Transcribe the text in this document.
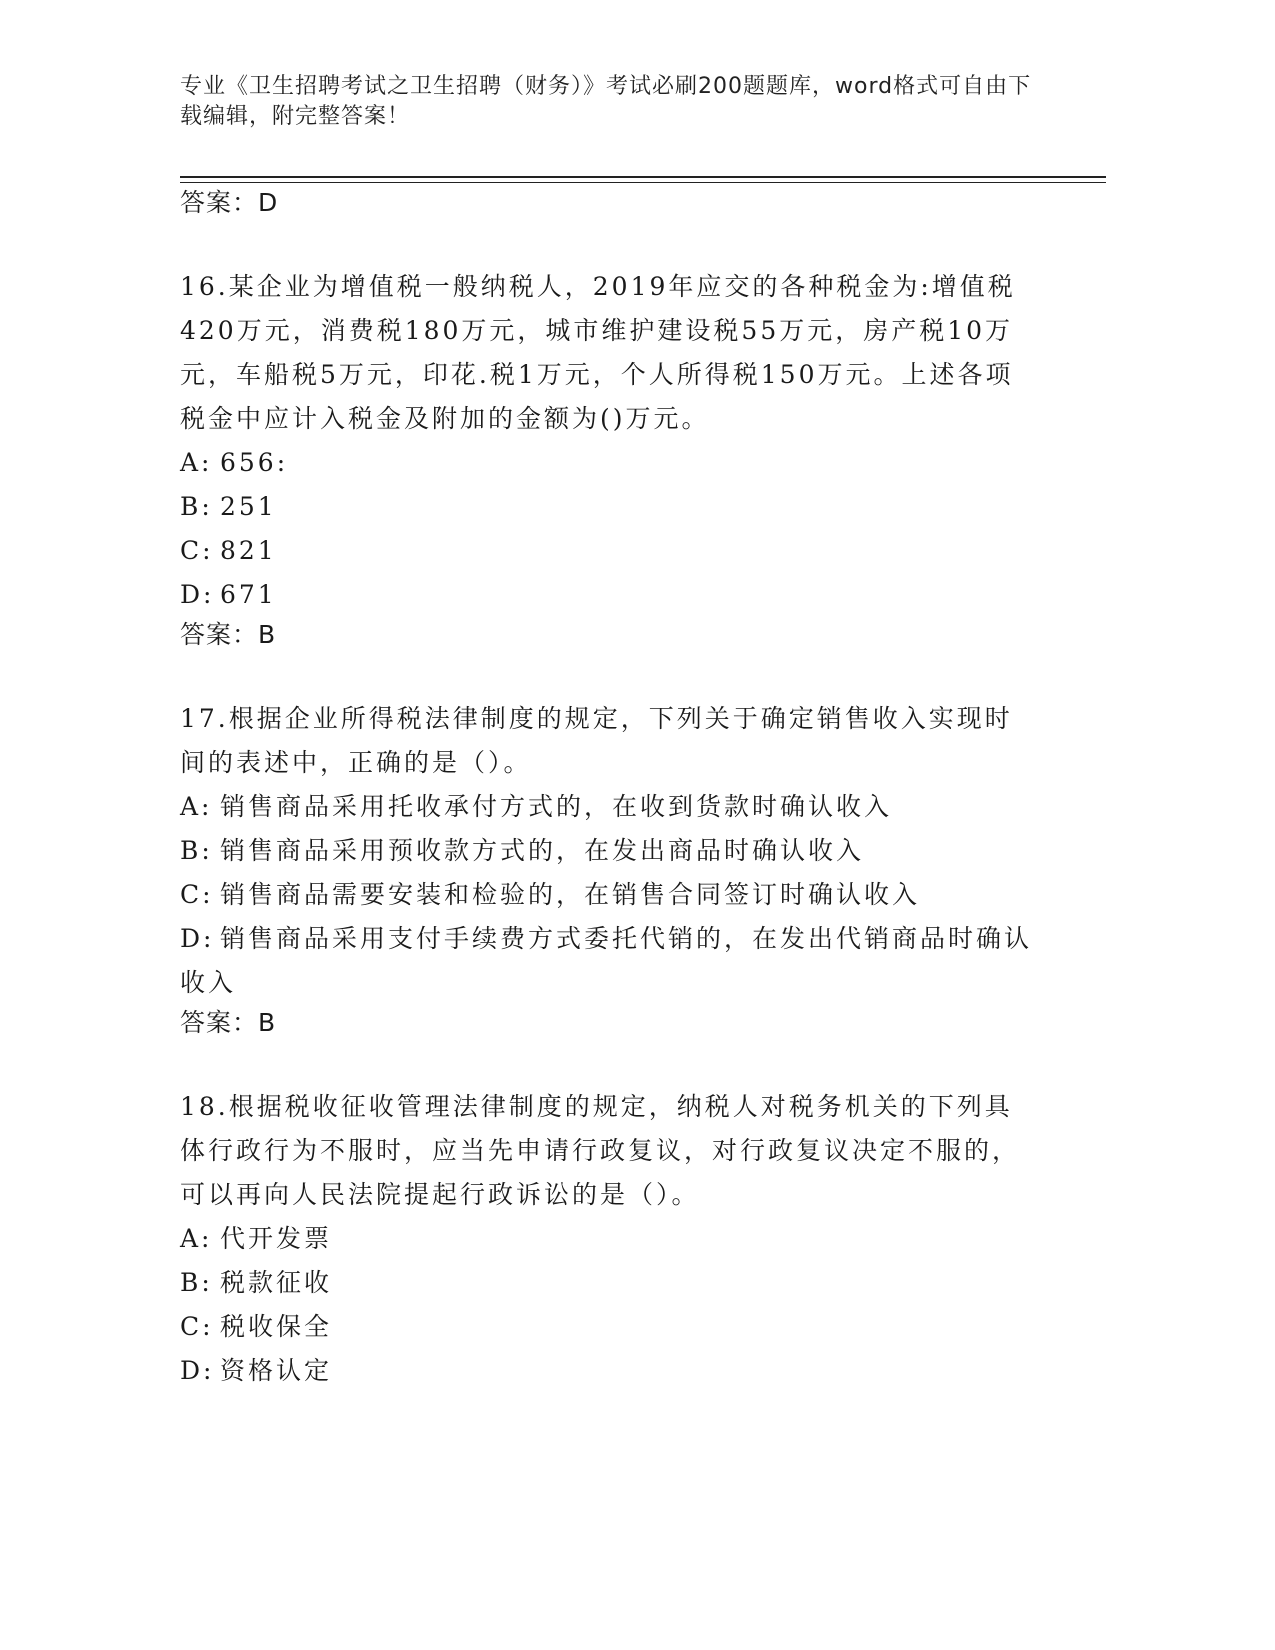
专业《卫生招聘考试之卫生招聘（财务）》考试必刷200题题库，word格式可自由下载编辑，附完整答案！
答案：D

16.某企业为增值税一般纳税人，2019年应交的各种税金为:增值税420万元，消费税180万元，城市维护建设税55万元，房产税10万元，车船税5万元，印花.税1万元，个人所得税150万元。上述各项税金中应计入税金及附加的金额为()万元。

A: 656:
B: 251
C: 821
D: 671
答案：B

17.根据企业所得税法律制度的规定，下列关于确定销售收入实现时间的表述中，正确的是（）。

A: 销售商品采用托收承付方式的，在收到货款时确认收入
B: 销售商品采用预收款方式的，在发出商品时确认收入
C: 销售商品需要安装和检验的，在销售合同签订时确认收入
D: 销售商品采用支付手续费方式委托代销的，在发出代销商品时确认收入
答案：B

18.根据税收征收管理法律制度的规定，纳税人对税务机关的下列具体行政行为不服时，应当先申请行政复议，对行政复议决定不服的，可以再向人民法院提起行政诉讼的是（）。

A: 代开发票
B: 税款征收
C: 税收保全
D: 资格认定
